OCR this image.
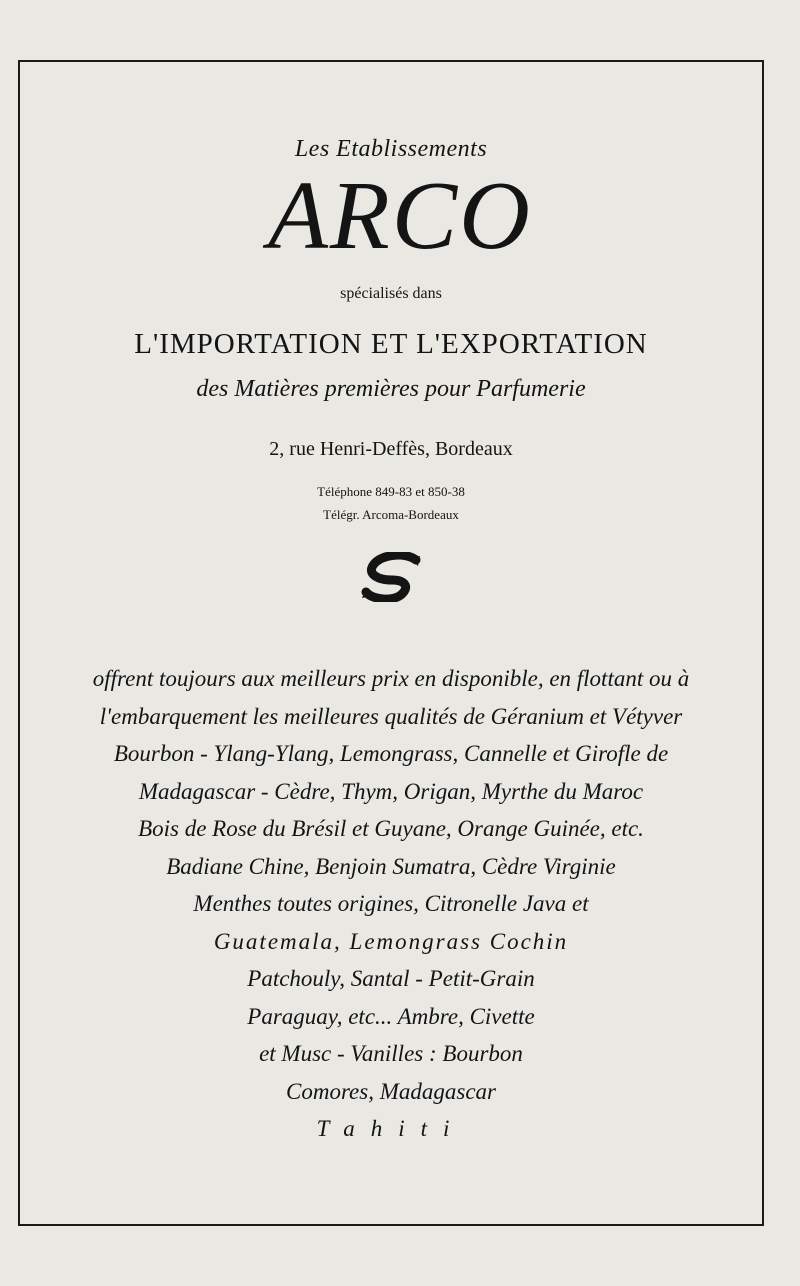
Les Etablissements
ARCO
spécialisés dans
L'IMPORTATION ET L'EXPORTATION
des Matières premières pour Parfumerie
2, rue Henri-Deffès, Bordeaux
Téléphone 849-83 et 850-38
Télégr. Arcoma-Bordeaux
offrent toujours aux meilleurs prix en disponible, en flottant ou à
l'embarquement les meilleures qualités de Géranium et Vétyver
Bourbon - Ylang-Ylang, Lemongrass, Cannelle et Girofle de
Madagascar - Cèdre, Thym, Origan, Myrthe du Maroc
Bois de Rose du Brésil et Guyane, Orange Guinée, etc.
Badiane Chine, Benjoin Sumatra, Cèdre Virginie
Menthes toutes origines, Citronelle Java et
Guatemala, Lemongrass Cochin
Patchouly, Santal - Petit-Grain
Paraguay, etc... Ambre, Civette
et Musc - Vanilles : Bourbon
Comores, Madagascar
Tahiti
